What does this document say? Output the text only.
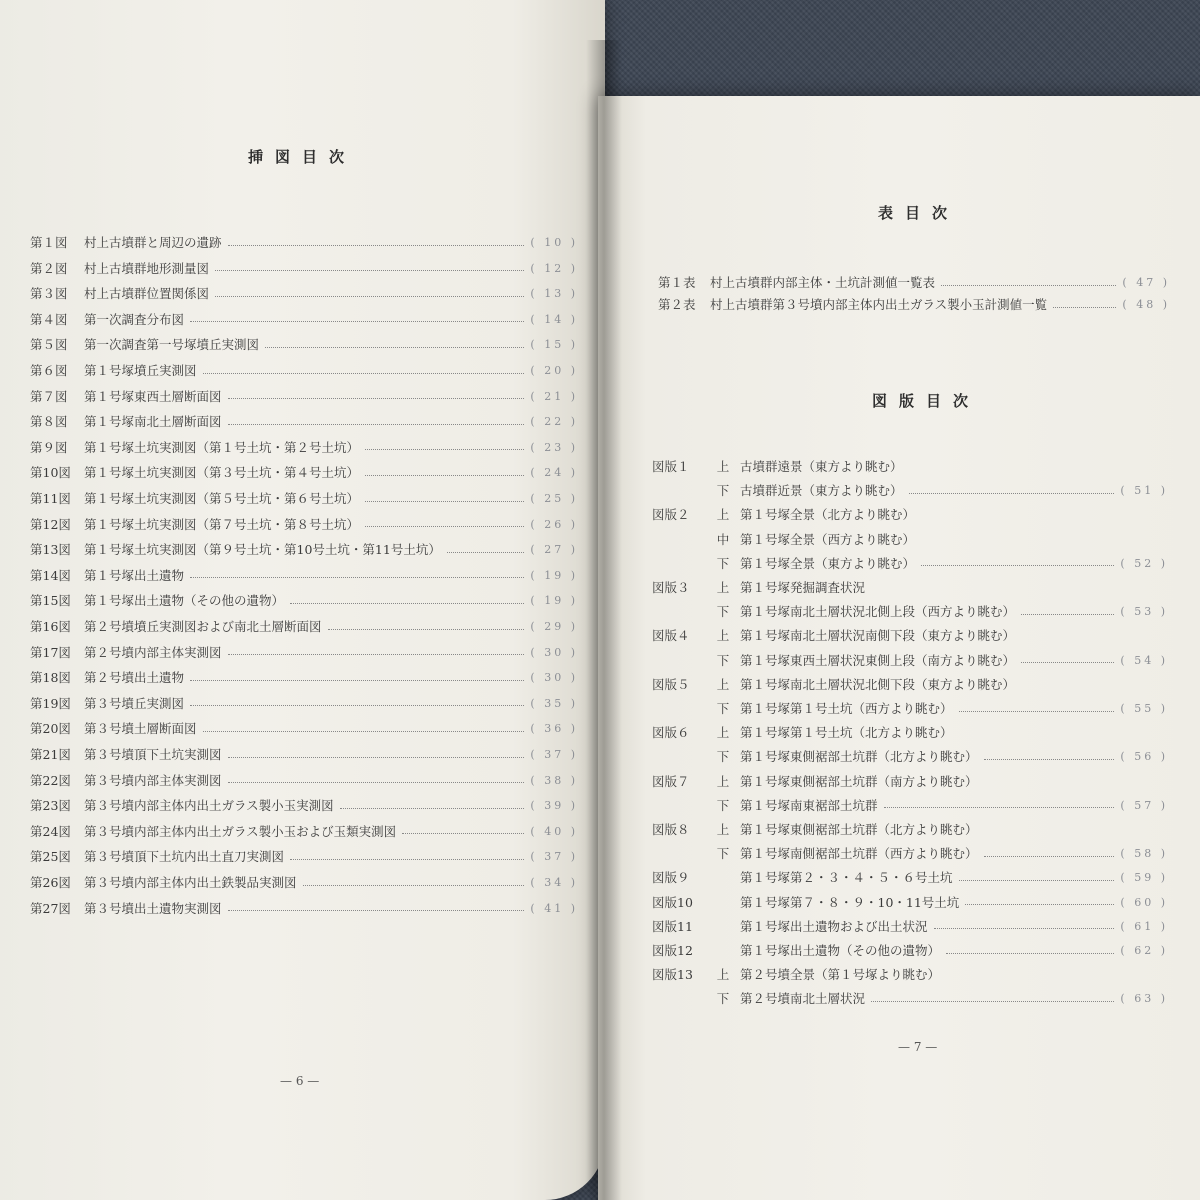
挿図目次
第１図	村上古墳群と周辺の遺跡	( 10 )
第２図	村上古墳群地形測量図	( 12 )
第３図	村上古墳群位置関係図	( 13 )
第４図	第一次調査分布図	( 14 )
第５図	第一次調査第一号塚墳丘実測図	( 15 )
第６図	第１号塚墳丘実測図	( 20 )
第７図	第１号塚東西土層断面図	( 21 )
第８図	第１号塚南北土層断面図	( 22 )
第９図	第１号塚土坑実測図（第１号土坑・第２号土坑）	( 23 )
第10図	第１号塚土坑実測図（第３号土坑・第４号土坑）	( 24 )
第11図	第１号塚土坑実測図（第５号土坑・第６号土坑）	( 25 )
第12図	第１号塚土坑実測図（第７号土坑・第８号土坑）	( 26 )
第13図	第１号塚土坑実測図（第９号土坑・第10号土坑・第11号土坑）	( 27 )
第14図	第１号塚出土遺物	( 19 )
第15図	第１号塚出土遺物（その他の遺物）	( 19 )
第16図	第２号墳墳丘実測図および南北土層断面図	( 29 )
第17図	第２号墳内部主体実測図	( 30 )
第18図	第２号墳出土遺物	( 30 )
第19図	第３号墳丘実測図	( 35 )
第20図	第３号墳土層断面図	( 36 )
第21図	第３号墳頂下土坑実測図	( 37 )
第22図	第３号墳内部主体実測図	( 38 )
第23図	第３号墳内部主体内出土ガラス製小玉実測図	( 39 )
第24図	第３号墳内部主体内出土ガラス製小玉および玉類実測図	( 40 )
第25図	第３号墳頂下土坑内出土直刀実測図	( 37 )
第26図	第３号墳内部主体内出土鉄製品実測図	( 34 )
第27図	第３号墳出土遺物実測図	( 41 )
— 6 —
表目次
第１表	村上古墳群内部主体・土坑計測値一覧表	( 47 )
第２表	村上古墳群第３号墳内部主体内出土ガラス製小玉計測値一覧	( 48 )
図版目次
図版１	上 古墳群遠景（東方より眺む）
下 古墳群近景（東方より眺む）	( 51 )
図版２	上 第１号塚全景（北方より眺む）
中 第１号塚全景（西方より眺む）
下 第１号塚全景（東方より眺む）	( 52 )
図版３	上 第１号塚発掘調査状況
下 第１号塚南北土層状況北側上段（西方より眺む）	( 53 )
図版４	上 第１号塚南北土層状況南側下段（東方より眺む）
下 第１号塚東西土層状況東側上段（南方より眺む）	( 54 )
図版５	上 第１号塚南北土層状況北側下段（東方より眺む）
下 第１号塚第１号土坑（西方より眺む）	( 55 )
図版６	上 第１号塚第１号土坑（北方より眺む）
下 第１号塚東側裾部土坑群（北方より眺む）	( 56 )
図版７	上 第１号塚東側裾部土坑群（南方より眺む）
下 第１号塚南東裾部土坑群	( 57 )
図版８	上 第１号塚東側裾部土坑群（北方より眺む）
下 第１号塚南側裾部土坑群（西方より眺む）	( 58 )
図版９	第１号塚第２・３・４・５・６号土坑	( 59 )
図版10	第１号塚第７・８・９・10・11号土坑	( 60 )
図版11	第１号塚出土遺物および出土状況	( 61 )
図版12	第１号塚出土遺物（その他の遺物）	( 62 )
図版13	上 第２号墳全景（第１号塚より眺む）
下 第２号墳南北土層状況	( 63 )
— 7 —
